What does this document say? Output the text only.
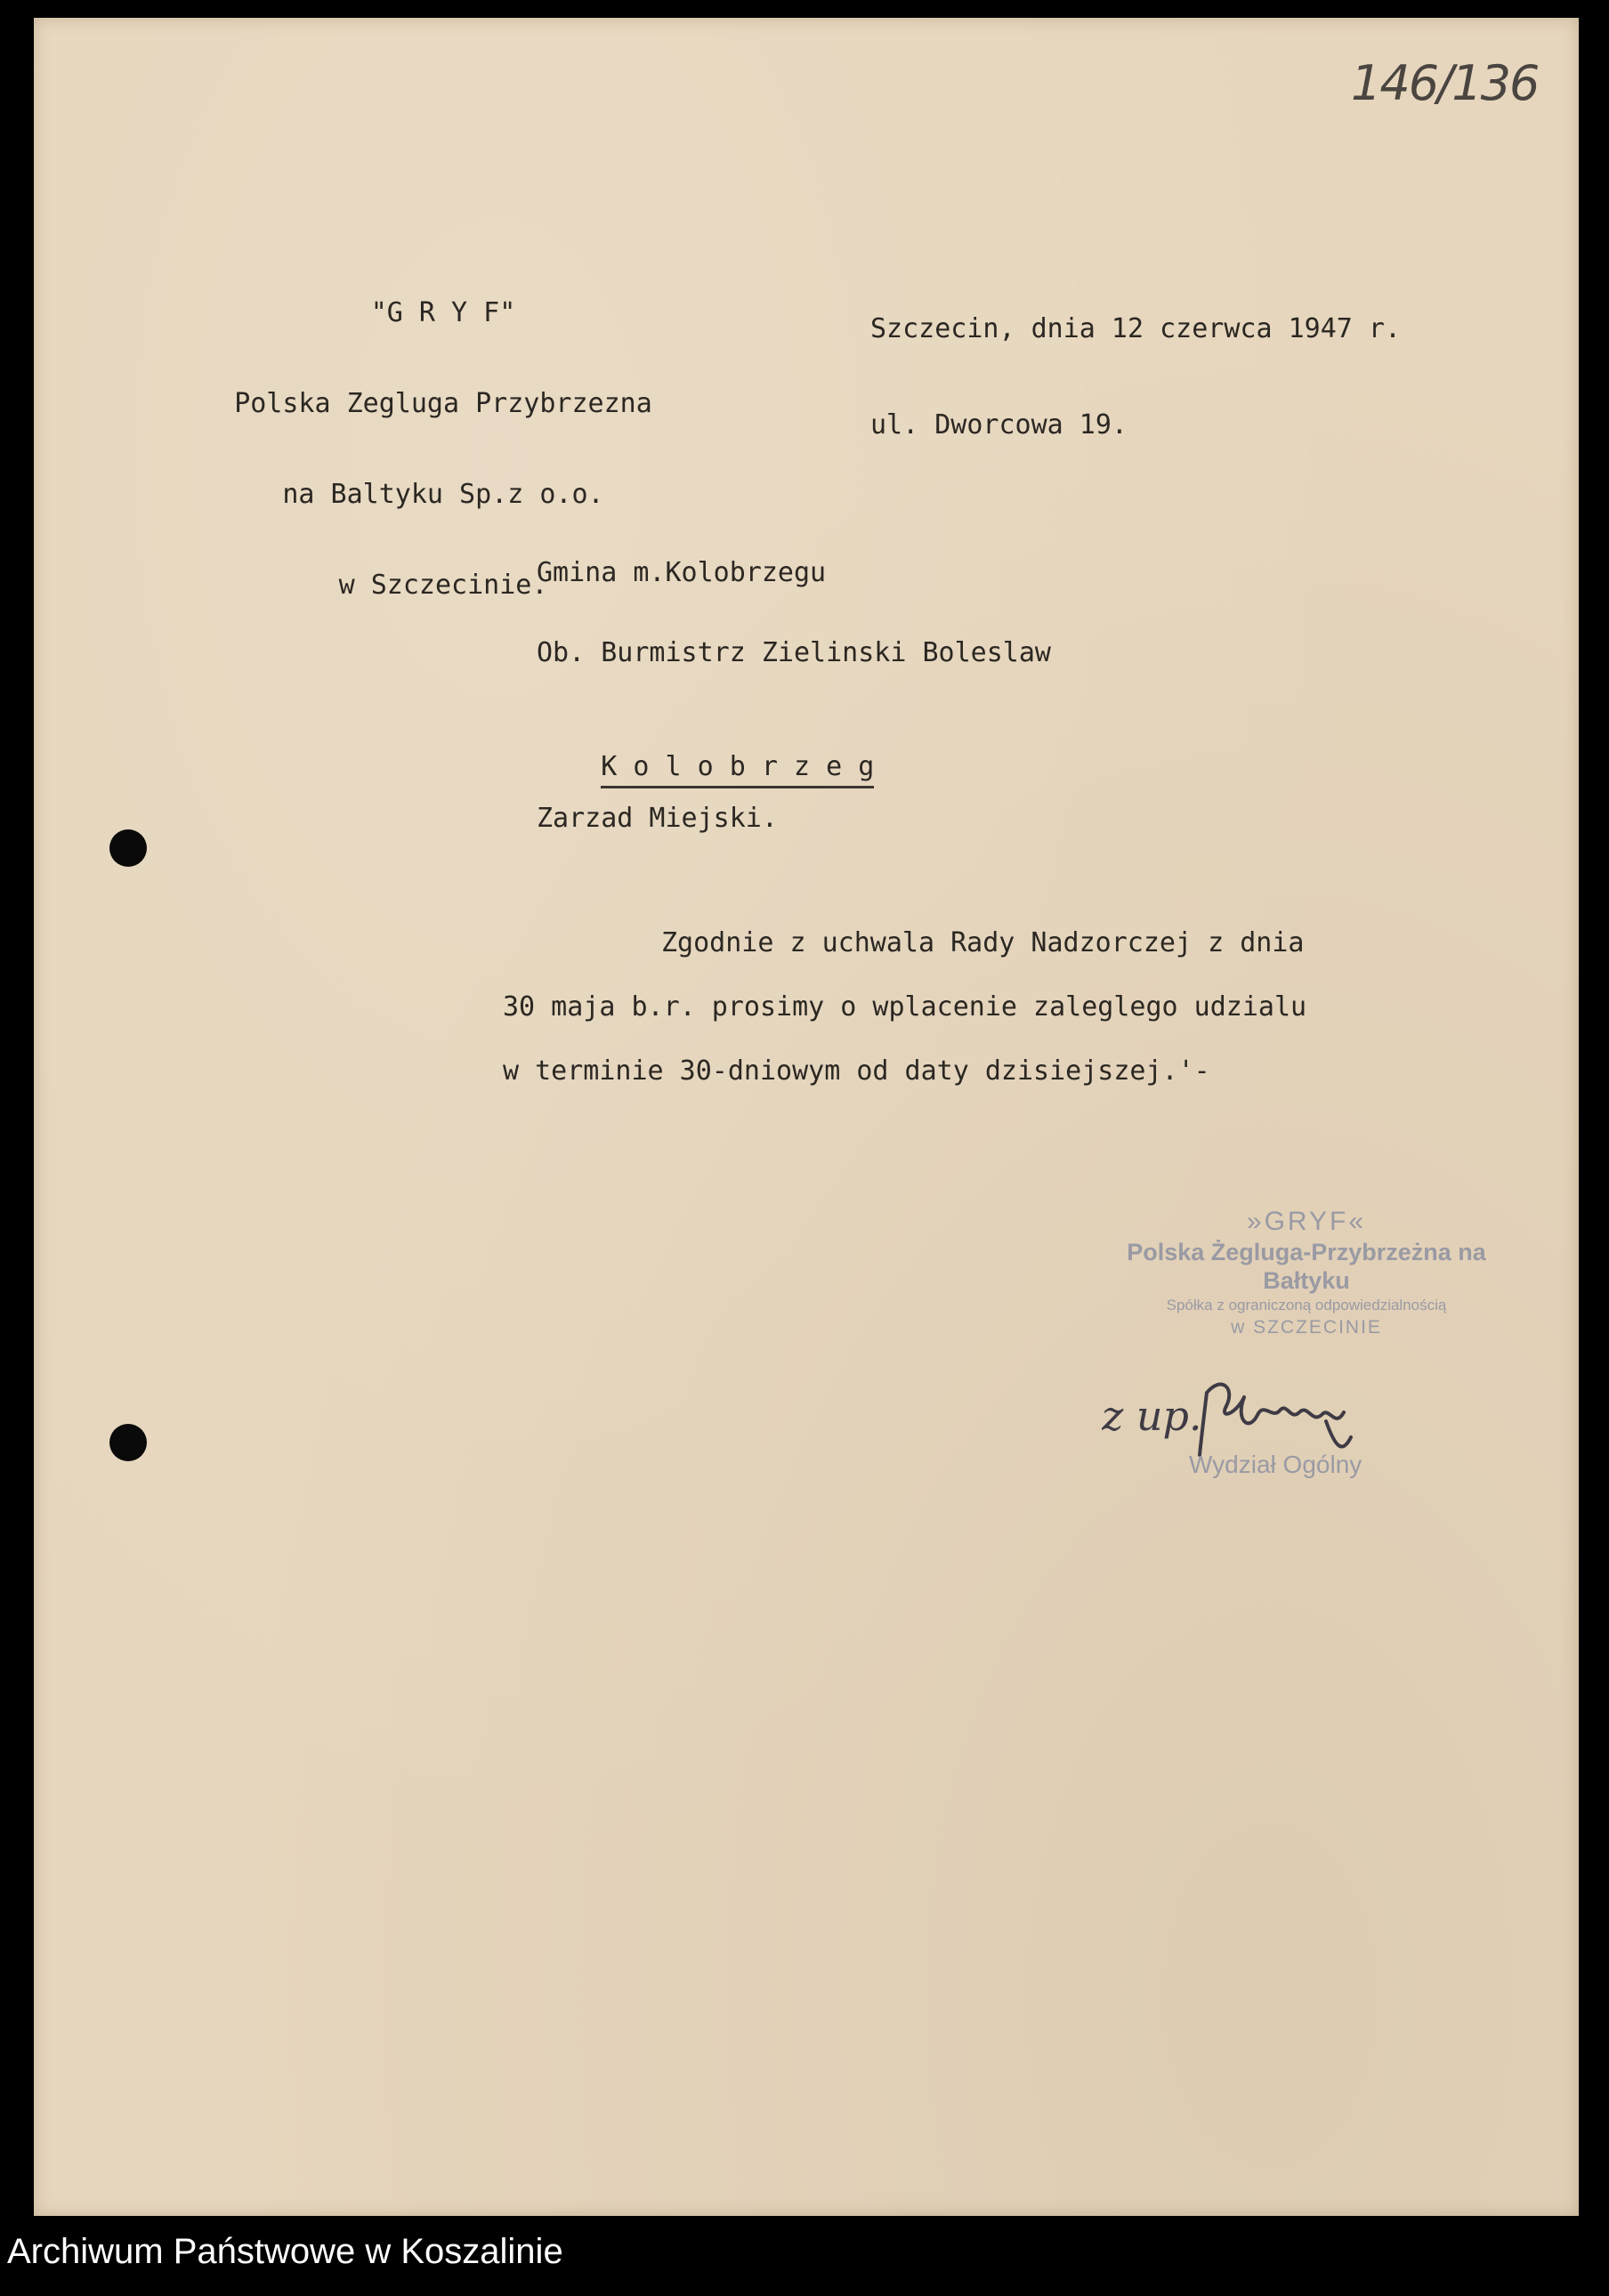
146/136

"G R Y F"

Polska Zegluga Przybrzezna

na Baltyku Sp.z o.o.

w Szczecinie.

Szczecin, dnia 12 czerwca 1947 r.

ul. Dworcowa 19.

Gmina m.Kolobrzegu
Ob. Burmistrz Zielinski Boleslaw

K o l o b r z e g

Zarzad Miejski.
Zgodnie z uchwala Rady Nadzorczej z dnia
30 maja b.r. prosimy o wplacenie zaleglego udzialu
w terminie 30-dniowym od daty dzisiejszej.'-
»GRYF«
Polska Żegluga-Przybrzeżna na Bałtyku
Spółka z ograniczoną odpowiedzialnością
w SZCZECINIE
z up.
Wydział Ogólny
Archiwum Państwowe w Koszalinie
